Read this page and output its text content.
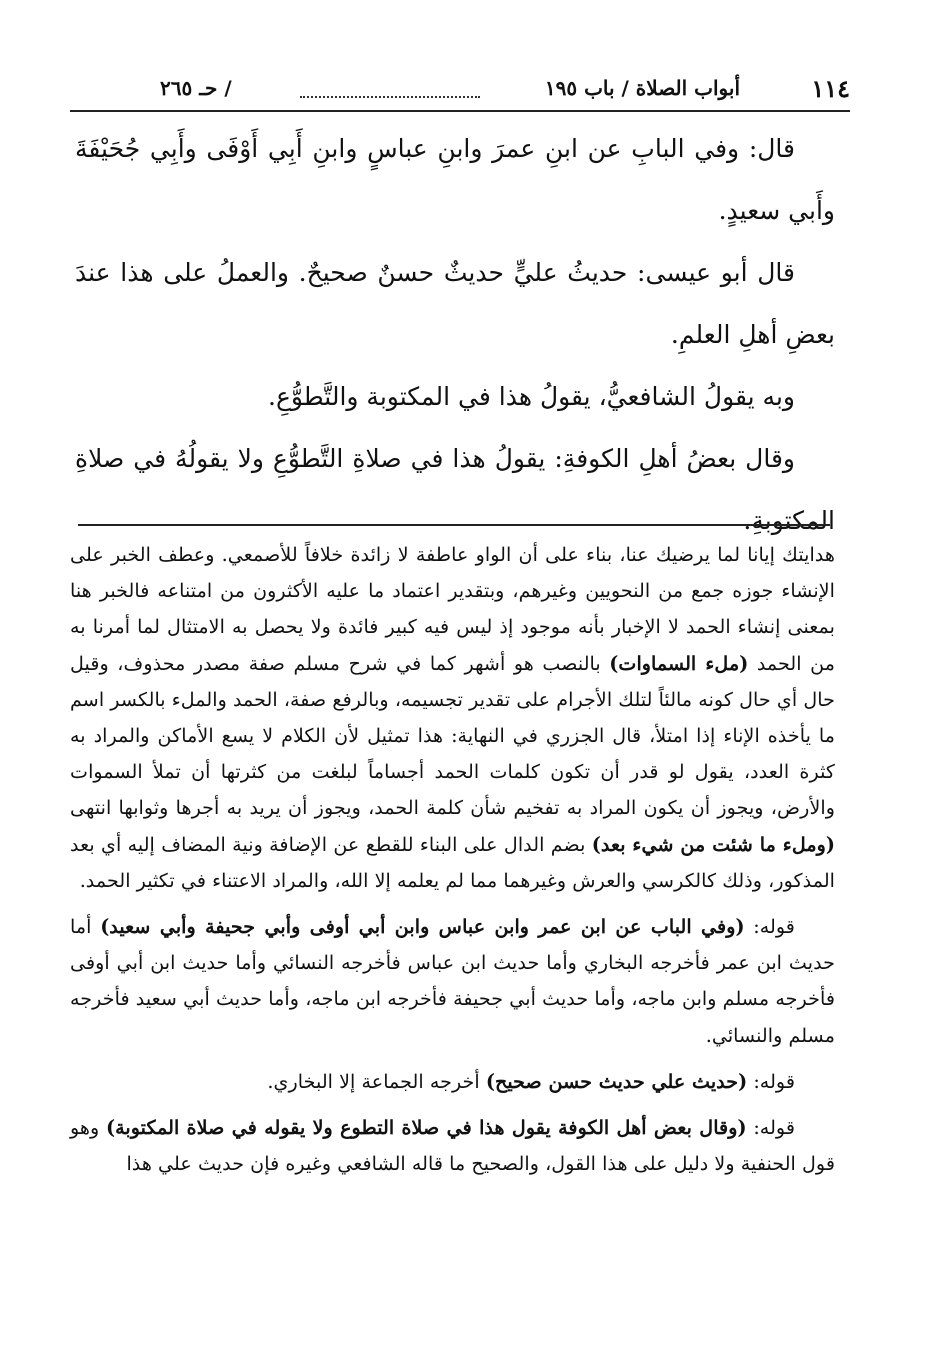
١١٤
أبواب الصلاة / باب ١٩٥
/ حـ ٢٦٥

قال: وفي البابِ عن ابنِ عمرَ وابنِ عباسٍ وابنِ أَبِي أَوْفَى وأَبِي جُحَيْفَةَ وأَبي سعيدٍ.

قال أبو عيسى: حديثُ عليٍّ حديثٌ حسنٌ صحيحٌ. والعملُ على هذا عندَ بعضِ أهلِ العلمِ.

وبه يقولُ الشافعيُّ، يقولُ هذا في المكتوبة والتَّطوُّعِ.

وقال بعضُ أهلِ الكوفةِ: يقولُ هذا في صلاةِ التَّطوُّعِ ولا يقولُهُ في صلاةِ المكتوبةِ.

هدايتك إيانا لما يرضيك عنا، بناء على أن الواو عاطفة لا زائدة خلافاً للأصمعي. وعطف الخبر على الإنشاء جوزه جمع من النحويين وغيرهم، وبتقدير اعتماد ما عليه الأكثرون من امتناعه فالخبر هنا بمعنى إنشاء الحمد لا الإخبار بأنه موجود إذ ليس فيه كبير فائدة ولا يحصل به الامتثال لما أمرنا به من الحمد (ملء السماوات) بالنصب هو أشهر كما في شرح مسلم صفة مصدر محذوف، وقيل حال أي حال كونه مالئاً لتلك الأجرام على تقدير تجسيمه، وبالرفع صفة، الحمد والملء بالكسر اسم ما يأخذه الإناء إذا امتلأ، قال الجزري في النهاية: هذا تمثيل لأن الكلام لا يسع الأماكن والمراد به كثرة العدد، يقول لو قدر أن تكون كلمات الحمد أجساماً لبلغت من كثرتها أن تملأ السموات والأرض، ويجوز أن يكون المراد به تفخيم شأن كلمة الحمد، ويجوز أن يريد به أجرها وثوابها انتهى (وملء ما شئت من شيء بعد) بضم الدال على البناء للقطع عن الإضافة ونية المضاف إليه أي بعد المذكور، وذلك كالكرسي والعرش وغيرهما مما لم يعلمه إلا الله، والمراد الاعتناء في تكثير الحمد.

قوله: (وفي الباب عن ابن عمر وابن عباس وابن أبي أوفى وأبي جحيفة وأبي سعيد) أما حديث ابن عمر فأخرجه البخاري وأما حديث ابن عباس فأخرجه النسائي وأما حديث ابن أبي أوفى فأخرجه مسلم وابن ماجه، وأما حديث أبي جحيفة فأخرجه ابن ماجه، وأما حديث أبي سعيد فأخرجه مسلم والنسائي.

قوله: (حديث علي حديث حسن صحيح) أخرجه الجماعة إلا البخاري.

قوله: (وقال بعض أهل الكوفة يقول هذا في صلاة التطوع ولا يقوله في صلاة المكتوبة) وهو قول الحنفية ولا دليل على هذا القول، والصحيح ما قاله الشافعي وغيره فإن حديث علي هذا
